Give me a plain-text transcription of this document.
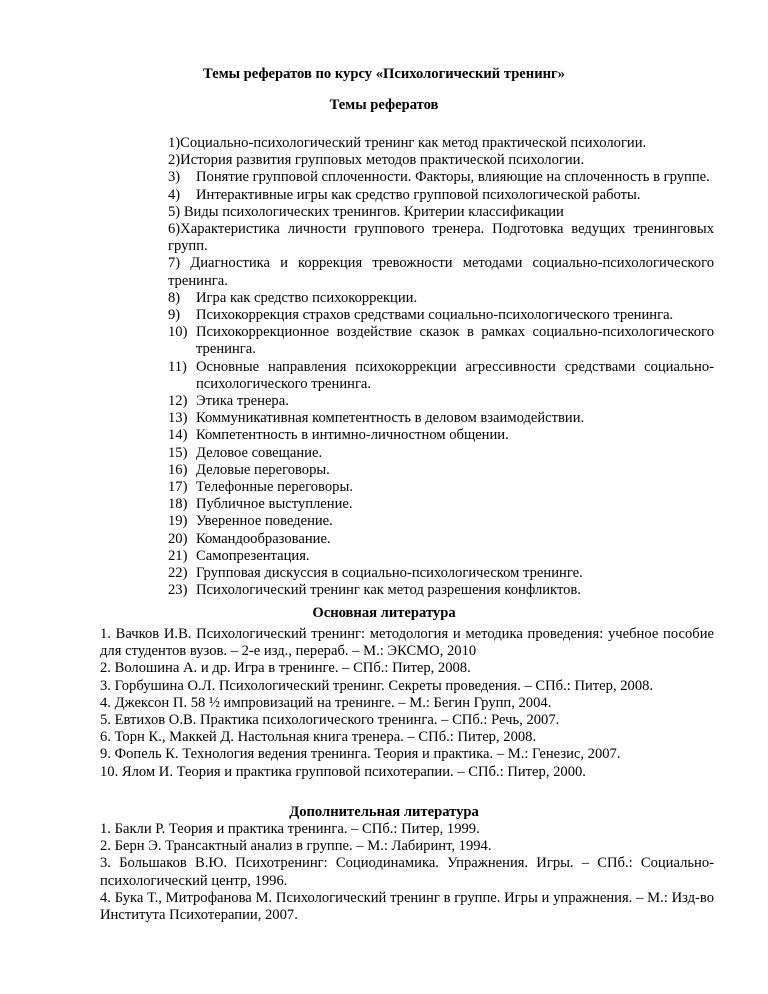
Темы рефератов по курсу «Психологический тренинг»
Темы рефератов
1)Социально-психологический тренинг как метод практической психологии.
2)История развития групповых методов практической психологии.
3) Понятие групповой сплоченности. Факторы, влияющие на сплоченность в группе.
4) Интерактивные игры как средство групповой психологической работы.
5) Виды психологических тренингов. Критерии классификации
6)Характеристика личности группового тренера. Подготовка ведущих тренинговых групп.
7) Диагностика и коррекция тревожности методами социально-психологического тренинга.
8) Игра как средство психокоррекции.
9) Психокоррекция страхов средствами социально-психологического тренинга.
10) Психокоррекционное воздействие сказок в рамках социально-психологического тренинга.
11) Основные направления психокоррекции агрессивности средствами социально-психологического тренинга.
12) Этика тренера.
13) Коммуникативная компетентность в деловом взаимодействии.
14) Компетентность в интимно-личностном общении.
15) Деловое совещание.
16) Деловые переговоры.
17) Телефонные переговоры.
18) Публичное выступление.
19) Уверенное поведение.
20) Командообразование.
21) Самопрезентация.
22) Групповая дискуссия в социально-психологическом тренинге.
23) Психологический тренинг как метод разрешения конфликтов.
Основная литература
1. Вачков И.В. Психологический тренинг: методология и методика проведения: учебное пособие для студентов вузов. – 2-е изд., перераб. – М.: ЭКСМО, 2010
2. Волошина А. и др. Игра в тренинге. – СПб.: Питер, 2008.
3. Горбушина О.Л. Психологический тренинг. Секреты проведения. – СПб.: Питер, 2008.
4. Джексон П. 58 ½ импровизаций на тренинге. – М.: Бегин Групп, 2004.
5. Евтихов О.В. Практика психологического тренинга. – СПб.: Речь, 2007.
6. Торн К., Маккей Д. Настольная книга тренера. – СПб.: Питер, 2008.
9. Фопель К. Технология ведения тренинга. Теория и практика. – М.: Генезис, 2007.
10. Ялом И. Теория и практика групповой психотерапии. – СПб.: Питер, 2000.
Дополнительная литература
1. Бакли Р. Теория и практика тренинга. – СПб.: Питер, 1999.
2. Берн Э. Трансактный анализ в группе. – М.: Лабиринт, 1994.
3. Большаков В.Ю. Психотренинг: Социодинамика. Упражнения. Игры. – СПб.: Социально-психологический центр, 1996.
4. Бука Т., Митрофанова М. Психологический тренинг в группе. Игры и упражнения. – М.: Изд-во Института Психотерапии, 2007.
